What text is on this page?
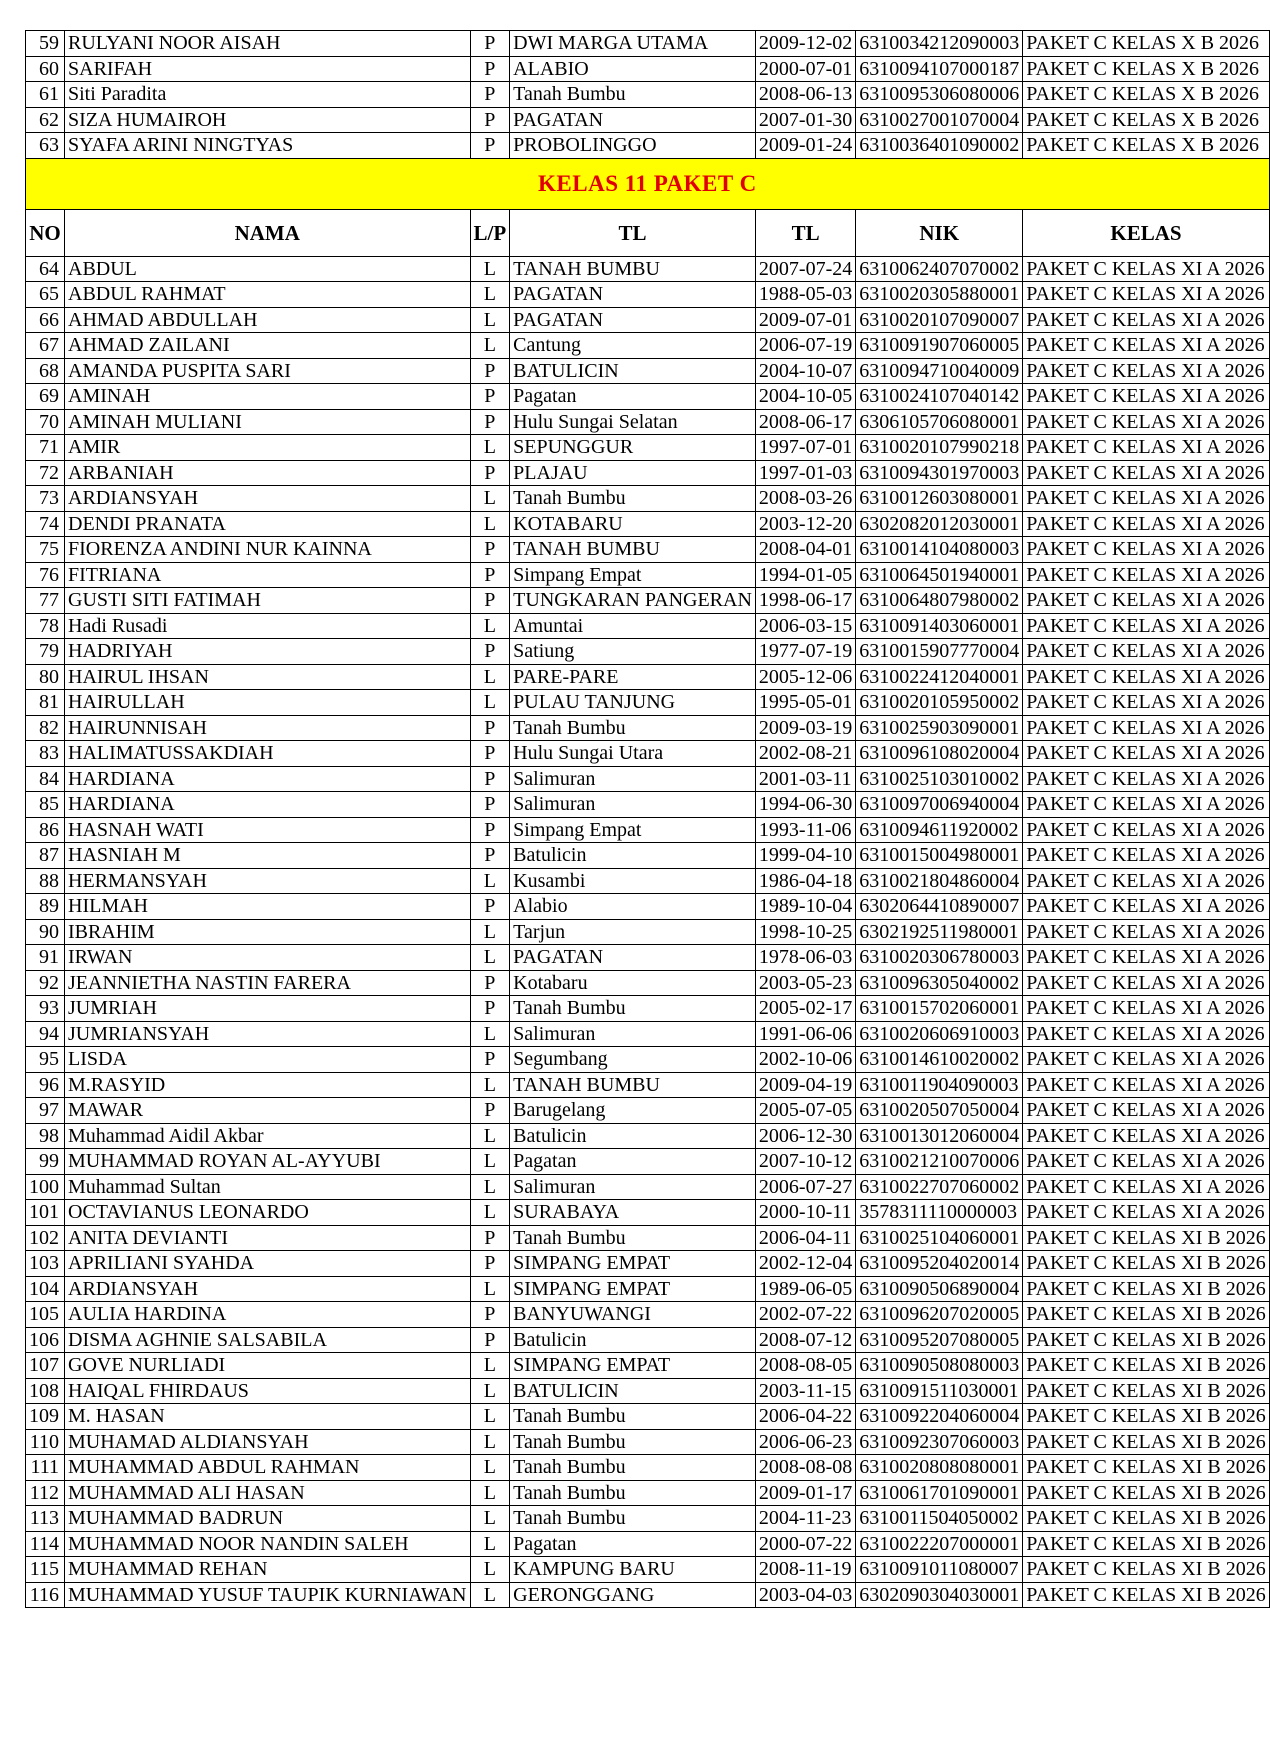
59	RULYANI NOOR AISAH	P	DWI MARGA UTAMA	2009-12-02	6310034212090003	PAKET C KELAS X B 2026
60	SARIFAH	P	ALABIO	2000-07-01	6310094107000187	PAKET C KELAS X B 2026
61	Siti Paradita	P	Tanah Bumbu	2008-06-13	6310095306080006	PAKET C KELAS X B 2026
62	SIZA HUMAIROH	P	PAGATAN	2007-01-30	6310027001070004	PAKET C KELAS X B 2026
63	SYAFA ARINI NINGTYAS	P	PROBOLINGGO	2009-01-24	6310036401090002	PAKET C KELAS X B 2026
KELAS 11 PAKET C						
NO	NAMA	L/P	TL	TL	NIK	KELAS
64	ABDUL	L	TANAH BUMBU	2007-07-24	6310062407070002	PAKET C KELAS XI A 2026
65	ABDUL RAHMAT	L	PAGATAN	1988-05-03	6310020305880001	PAKET C KELAS XI A 2026
66	AHMAD ABDULLAH	L	PAGATAN	2009-07-01	6310020107090007	PAKET C KELAS XI A 2026
67	AHMAD ZAILANI	L	Cantung	2006-07-19	6310091907060005	PAKET C KELAS XI A 2026
68	AMANDA PUSPITA SARI	P	BATULICIN	2004-10-07	6310094710040009	PAKET C KELAS XI A 2026
69	AMINAH	P	Pagatan	2004-10-05	6310024107040142	PAKET C KELAS XI A 2026
70	AMINAH MULIANI	P	Hulu Sungai Selatan	2008-06-17	6306105706080001	PAKET C KELAS XI A 2026
71	AMIR	L	SEPUNGGUR	1997-07-01	6310020107990218	PAKET C KELAS XI A 2026
72	ARBANIAH	P	PLAJAU	1997-01-03	6310094301970003	PAKET C KELAS XI A 2026
73	ARDIANSYAH	L	Tanah Bumbu	2008-03-26	6310012603080001	PAKET C KELAS XI A 2026
74	DENDI PRANATA	L	KOTABARU	2003-12-20	6302082012030001	PAKET C KELAS XI A 2026
75	FIORENZA ANDINI NUR KAINNA	P	TANAH BUMBU	2008-04-01	6310014104080003	PAKET C KELAS XI A 2026
76	FITRIANA	P	Simpang Empat	1994-01-05	6310064501940001	PAKET C KELAS XI A 2026
77	GUSTI SITI FATIMAH	P	TUNGKARAN PANGERAN	1998-06-17	6310064807980002	PAKET C KELAS XI A 2026
78	Hadi Rusadi	L	Amuntai	2006-03-15	6310091403060001	PAKET C KELAS XI A 2026
79	HADRIYAH	P	Satiung	1977-07-19	6310015907770004	PAKET C KELAS XI A 2026
80	HAIRUL IHSAN	L	PARE-PARE	2005-12-06	6310022412040001	PAKET C KELAS XI A 2026
81	HAIRULLAH	L	PULAU TANJUNG	1995-05-01	6310020105950002	PAKET C KELAS XI A 2026
82	HAIRUNNISAH	P	Tanah Bumbu	2009-03-19	6310025903090001	PAKET C KELAS XI A 2026
83	HALIMATUSSAKDIAH	P	Hulu Sungai Utara	2002-08-21	6310096108020004	PAKET C KELAS XI A 2026
84	HARDIANA	P	Salimuran	2001-03-11	6310025103010002	PAKET C KELAS XI A 2026
85	HARDIANA	P	Salimuran	1994-06-30	6310097006940004	PAKET C KELAS XI A 2026
86	HASNAH WATI	P	Simpang Empat	1993-11-06	6310094611920002	PAKET C KELAS XI A 2026
87	HASNIAH M	P	Batulicin	1999-04-10	6310015004980001	PAKET C KELAS XI A 2026
88	HERMANSYAH	L	Kusambi	1986-04-18	6310021804860004	PAKET C KELAS XI A 2026
89	HILMAH	P	Alabio	1989-10-04	6302064410890007	PAKET C KELAS XI A 2026
90	IBRAHIM	L	Tarjun	1998-10-25	6302192511980001	PAKET C KELAS XI A 2026
91	IRWAN	L	PAGATAN	1978-06-03	6310020306780003	PAKET C KELAS XI A 2026
92	JEANNIETHA NASTIN FARERA	P	Kotabaru	2003-05-23	6310096305040002	PAKET C KELAS XI A 2026
93	JUMRIAH	P	Tanah Bumbu	2005-02-17	6310015702060001	PAKET C KELAS XI A 2026
94	JUMRIANSYAH	L	Salimuran	1991-06-06	6310020606910003	PAKET C KELAS XI A 2026
95	LISDA	P	Segumbang	2002-10-06	6310014610020002	PAKET C KELAS XI A 2026
96	M.RASYID	L	TANAH BUMBU	2009-04-19	6310011904090003	PAKET C KELAS XI A 2026
97	MAWAR	P	Barugelang	2005-07-05	6310020507050004	PAKET C KELAS XI A 2026
98	Muhammad Aidil Akbar	L	Batulicin	2006-12-30	6310013012060004	PAKET C KELAS XI A 2026
99	MUHAMMAD ROYAN AL-AYYUBI	L	Pagatan	2007-10-12	6310021210070006	PAKET C KELAS XI A 2026
100	Muhammad Sultan	L	Salimuran	2006-07-27	6310022707060002	PAKET C KELAS XI A 2026
101	OCTAVIANUS LEONARDO	L	SURABAYA	2000-10-11	3578311110000003	PAKET C KELAS XI A 2026
102	ANITA DEVIANTI	P	Tanah Bumbu	2006-04-11	6310025104060001	PAKET C KELAS XI B 2026
103	APRILIANI SYAHDA	P	SIMPANG EMPAT	2002-12-04	6310095204020014	PAKET C KELAS XI B 2026
104	ARDIANSYAH	L	SIMPANG EMPAT	1989-06-05	6310090506890004	PAKET C KELAS XI B 2026
105	AULIA HARDINA	P	BANYUWANGI	2002-07-22	6310096207020005	PAKET C KELAS XI B 2026
106	DISMA AGHNIE SALSABILA	P	Batulicin	2008-07-12	6310095207080005	PAKET C KELAS XI B 2026
107	GOVE NURLIADI	L	SIMPANG EMPAT	2008-08-05	6310090508080003	PAKET C KELAS XI B 2026
108	HAIQAL FHIRDAUS	L	BATULICIN	2003-11-15	6310091511030001	PAKET C KELAS XI B 2026
109	M. HASAN	L	Tanah Bumbu	2006-04-22	6310092204060004	PAKET C KELAS XI B 2026
110	MUHAMAD ALDIANSYAH	L	Tanah Bumbu	2006-06-23	6310092307060003	PAKET C KELAS XI B 2026
111	MUHAMMAD ABDUL RAHMAN	L	Tanah Bumbu	2008-08-08	6310020808080001	PAKET C KELAS XI B 2026
112	MUHAMMAD ALI HASAN	L	Tanah Bumbu	2009-01-17	6310061701090001	PAKET C KELAS XI B 2026
113	MUHAMMAD BADRUN	L	Tanah Bumbu	2004-11-23	6310011504050002	PAKET C KELAS XI B 2026
114	MUHAMMAD NOOR NANDIN SALEH	L	Pagatan	2000-07-22	6310022207000001	PAKET C KELAS XI B 2026
115	MUHAMMAD REHAN	L	KAMPUNG BARU	2008-11-19	6310091011080007	PAKET C KELAS XI B 2026
116	MUHAMMAD YUSUF TAUPIK KURNIAWAN	L	GERONGGANG	2003-04-03	6302090304030001	PAKET C KELAS XI B 2026
